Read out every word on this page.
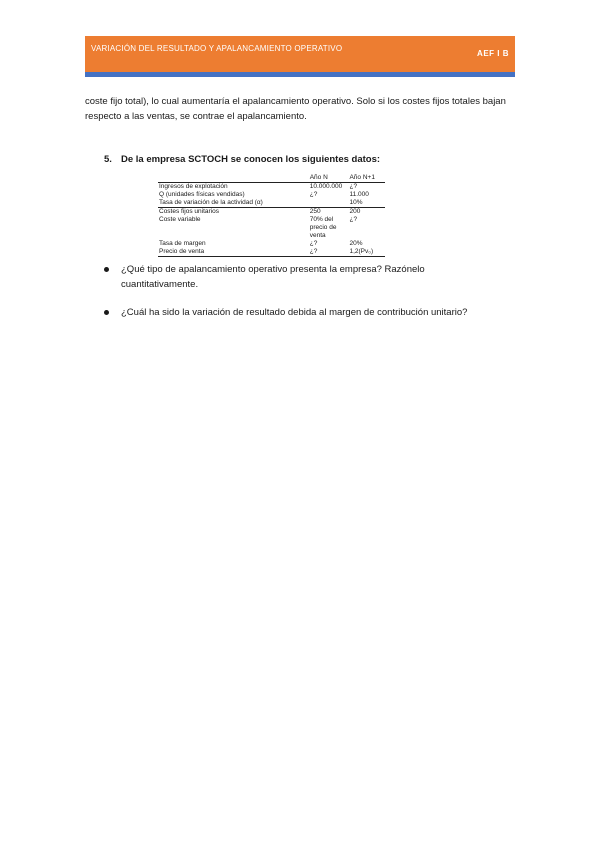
VARIACIÓN DEL RESULTADO Y APALANCAMIENTO OPERATIVO
AEF I B
coste fijo total), lo cual aumentaría el apalancamiento operativo. Solo si los costes fijos totales bajan respecto a las ventas, se contrae el apalancamiento.
5. De la empresa SCTOCH se conocen los siguientes datos:
	Año N	Año N+1
Ingresos de explotación	10.000.000	¿?
Q (unidades físicas vendidas)	¿?	11.000
Tasa de variación de la actividad (α)		10%
Costes fijos unitarios	250	200
Coste variable	70% del precio de venta	¿?
Tasa de margen	¿?	20%
Precio de venta	¿?	1,2(Pv₀)
¿Qué tipo de apalancamiento operativo presenta la empresa? Razónelo cuantitativamente.
¿Cuál ha sido la variación de resultado debida al margen de contribución unitario?
